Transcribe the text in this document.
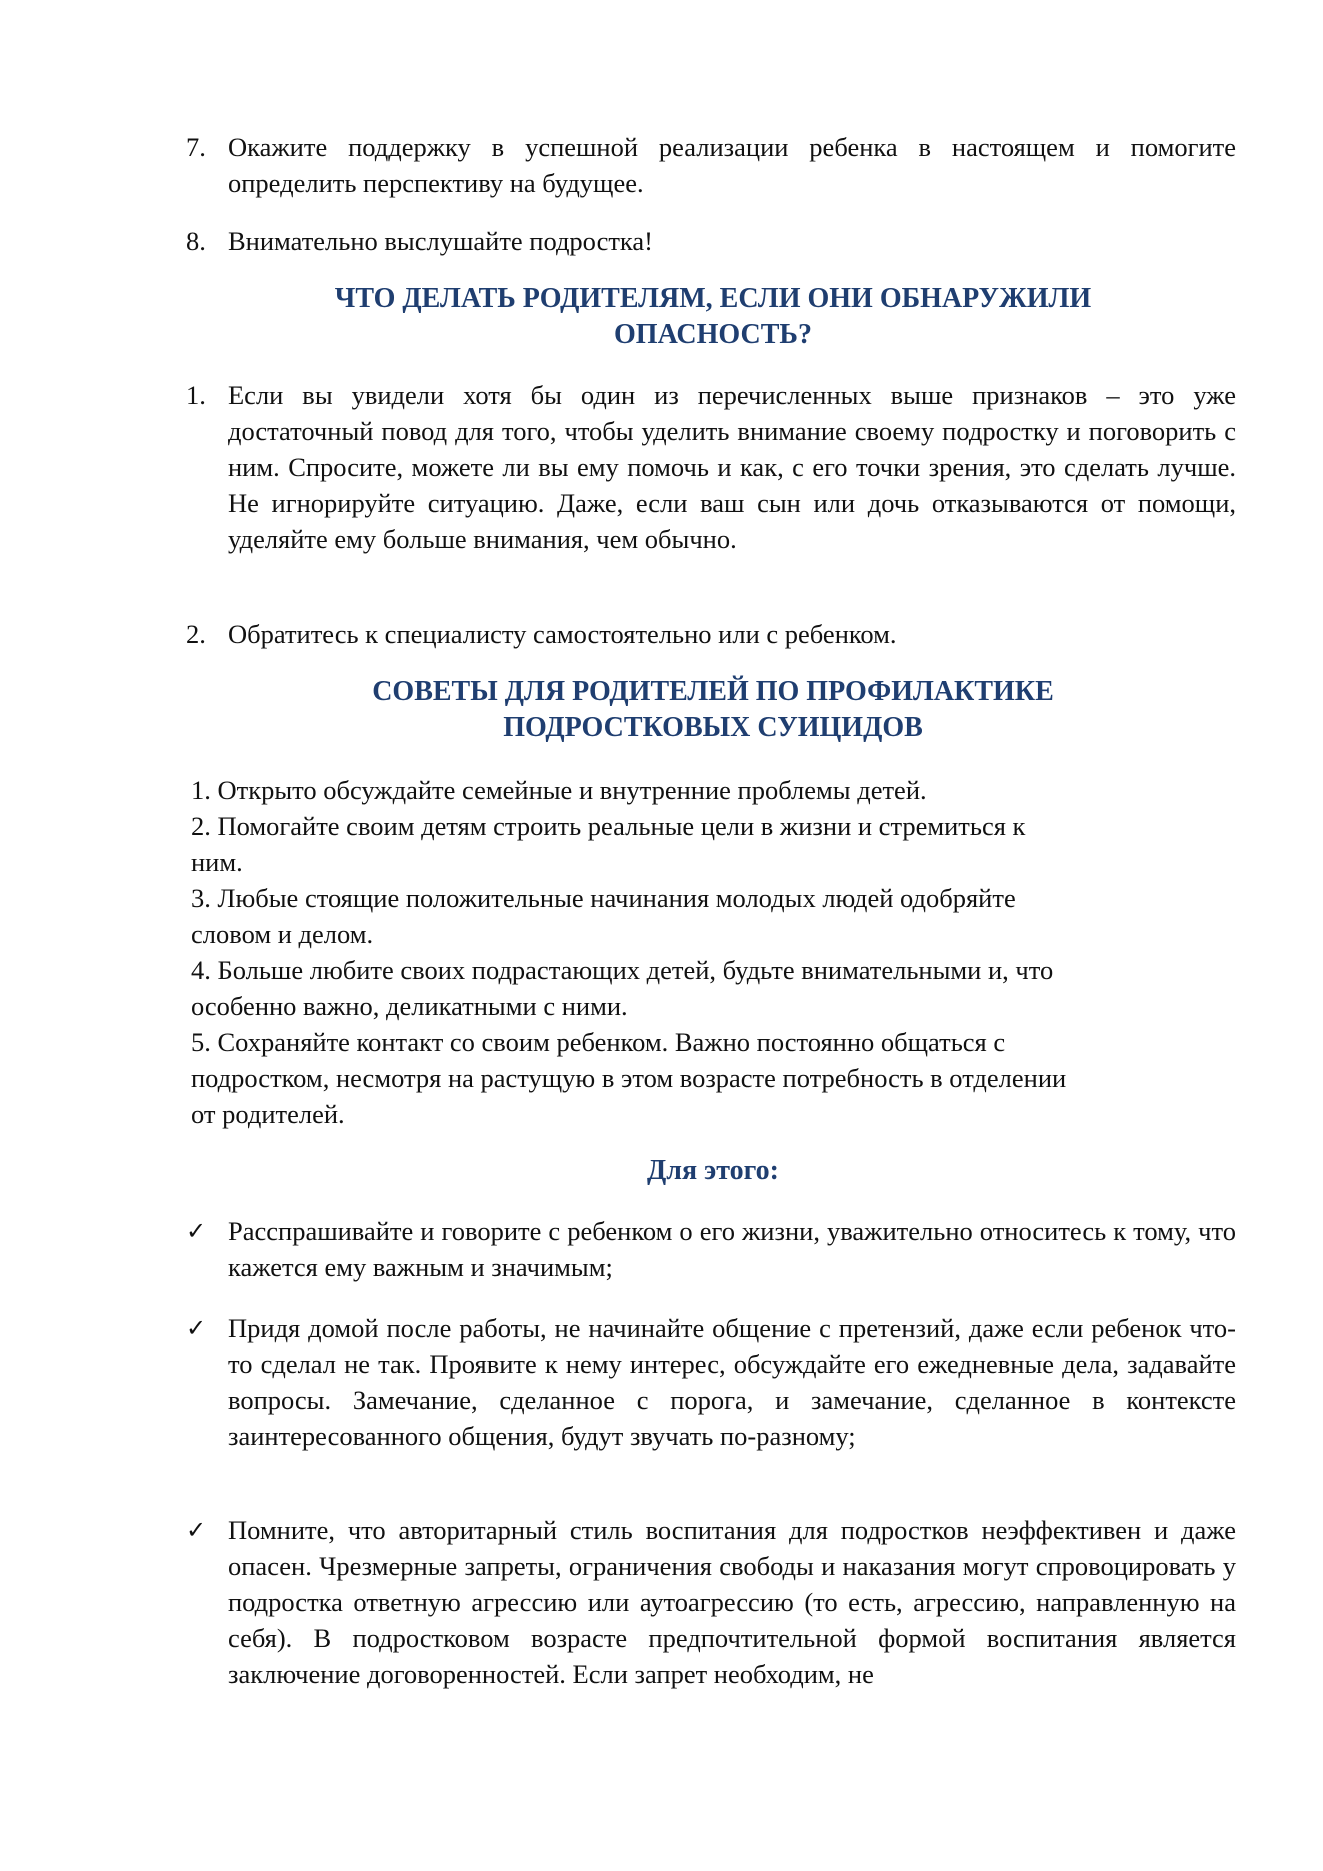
7. Окажите поддержку в успешной реализации ребенка в настоящем и помогите определить перспективу на будущее.
8. Внимательно выслушайте подростка!
ЧТО ДЕЛАТЬ РОДИТЕЛЯМ, ЕСЛИ ОНИ ОБНАРУЖИЛИ
ОПАСНОСТЬ?
1. Если вы увидели хотя бы один из перечисленных выше признаков – это уже достаточный повод для того, чтобы уделить внимание своему подростку и поговорить с ним. Спросите, можете ли вы ему помочь и как, с его точки зрения, это сделать лучше. Не игнорируйте ситуацию. Даже, если ваш сын или дочь отказываются от помощи, уделяйте ему больше внимания, чем обычно.
2. Обратитесь к специалисту самостоятельно или с ребенком.
СОВЕТЫ ДЛЯ РОДИТЕЛЕЙ ПО ПРОФИЛАКТИКЕ
ПОДРОСТКОВЫХ СУИЦИДОВ
1. Открыто обсуждайте семейные и внутренние проблемы детей.
2. Помогайте своим детям строить реальные цели в жизни и стремиться к
ним.
3. Любые стоящие положительные начинания молодых людей одобряйте
словом и делом.
4. Больше любите своих подрастающих детей, будьте внимательными и, что
особенно важно, деликатными с ними.
5. Сохраняйте контакт со своим ребенком. Важно постоянно общаться с
подростком, несмотря на растущую в этом возрасте потребность в отделении
от родителей.
Для этого:
✓ Расспрашивайте и говорите с ребенком о его жизни, уважительно относитесь к тому, что кажется ему важным и значимым;
✓ Придя домой после работы, не начинайте общение с претензий, даже если ребенок что-то сделал не так. Проявите к нему интерес, обсуждайте его ежедневные дела, задавайте вопросы. Замечание, сделанное с порога, и замечание, сделанное в контексте заинтересованного общения, будут звучать по-разному;
✓ Помните, что авторитарный стиль воспитания для подростков неэффективен и даже опасен. Чрезмерные запреты, ограничения свободы и наказания могут спровоцировать у подростка ответную агрессию или аутоагрессию (то есть, агрессию, направленную на себя). В подростковом возрасте предпочтительной формой воспитания является заключение договоренностей. Если запрет необходим, не
